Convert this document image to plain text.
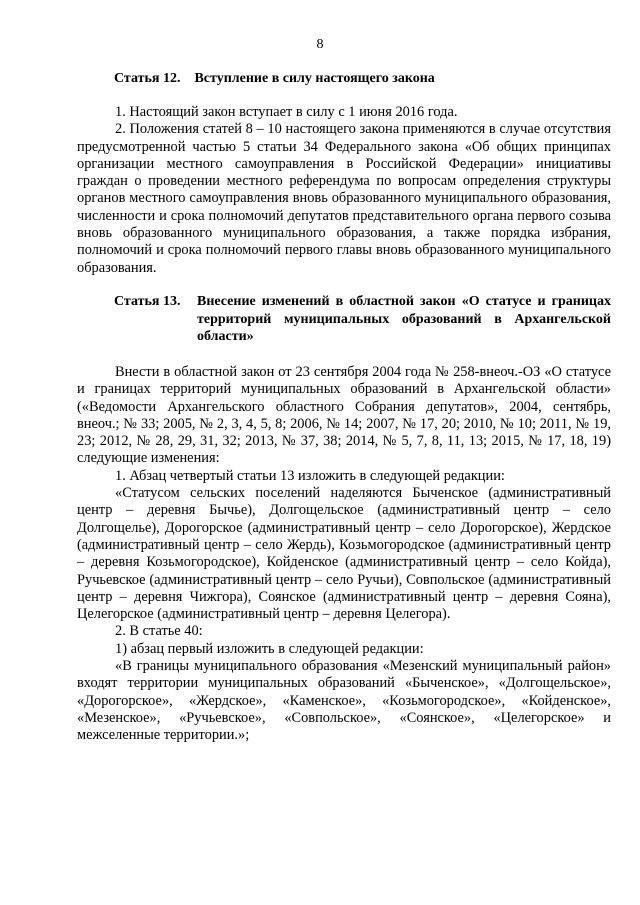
8
Статья 12. Вступление в силу настоящего закона

1. Настоящий закон вступает в силу с 1 июня 2016 года.

2. Положения статей 8 – 10 настоящего закона применяются в случае отсутствия предусмотренной частью 5 статьи 34 Федерального закона «Об общих принципах организации местного самоуправления в Российской Федерации» инициативы граждан о проведении местного референдума по вопросам определения структуры органов местного самоуправления вновь образованного муниципального образования, численности и срока полномочий депутатов представительного органа первого созыва вновь образованного муниципального образования, а также порядка избрания, полномочий и срока полномочий первого главы вновь образованного муниципального образования.

Статья 13. Внесение изменений в областной закон «О статусе и границах территорий муниципальных образований в Архангельской области»

Внести в областной закон от 23 сентября 2004 года № 258-внеоч.-ОЗ «О статусе и границах территорий муниципальных образований в Архангельской области» («Ведомости Архангельского областного Собрания депутатов», 2004, сентябрь, внеоч.; № 33; 2005, № 2, 3, 4, 5, 8; 2006, № 14; 2007, № 17, 20; 2010, № 10; 2011, № 19, 23; 2012, № 28, 29, 31, 32; 2013, № 37, 38; 2014, № 5, 7, 8, 11, 13; 2015, № 17, 18, 19) следующие изменения:

1. Абзац четвертый статьи 13 изложить в следующей редакции:

«Статусом сельских поселений наделяются Быченское (административный центр – деревня Бычье), Долгощельское (административный центр – село Долгощелье), Дорогорское (административный центр – село Дорогорское), Жердское (административный центр – село Жердь), Козьмогородское (административный центр – деревня Козьмогородское), Койденское (административный центр – село Койда), Ручьевское (административный центр – село Ручьи), Совпольское (административный центр – деревня Чижгора), Соянское (административный центр – деревня Сояна), Целегорское (административный центр – деревня Целегора).

2. В статье 40:

1) абзац первый изложить в следующей редакции:

«В границы муниципального образования «Мезенский муниципальный район» входят территории муниципальных образований «Быченское», «Долгощельское», «Дорогорское», «Жердское», «Каменское», «Козьмогородское», «Койденское», «Мезенское», «Ручьевское», «Совпольское», «Соянское», «Целегорское» и межселенные территории.»;
